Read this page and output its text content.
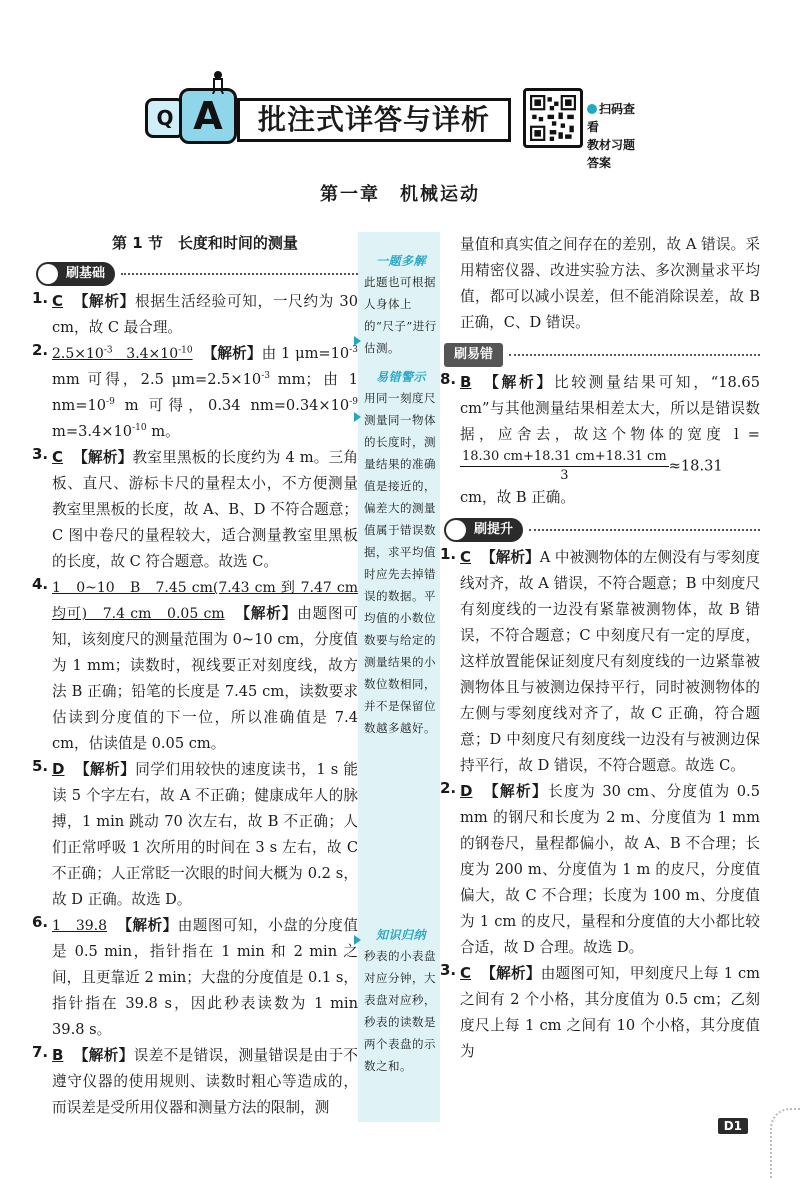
Q A	批注式详答与详析	扫码查看
教材习题答案
第一章　机械运动
一题多解
此题也可根据人身体上的“尺子”进行估测。
易错警示
用同一刻度尺测量同一物体的长度时，测量结果的准确值是接近的，偏差大的测量值属于错误数据，求平均值时应先去掉错误的数据。平均值的小数位数要与给定的测量结果的小数位数相同，并不是保留位数越多越好。
知识归纳
秒表的小表盘对应分钟，大表盘对应秒，秒表的读数是两个表盘的示数之和。
第 1 节　长度和时间的测量
刷基础
1. C 【解析】根据生活经验可知，一尺约为 30 cm，故 C 最合理。
2. $2.5\times 10^{-3}$ $3.4\times 10^{-10}$ 【解析】由 1 $\mu m=10^{-3}$ mm 可得，2.5 $\mu m=2.5\times 10^{-3}$ mm；由 1 $nm=10^{-9}$ m 可得，0.34 $nm=0.34\times 10^{-9}$ $m=3.4\times 10^{-10}$ m。
3. C 【解析】教室里黑板的长度约为 4 m。三角板、直尺、游标卡尺的量程太小，不方便测量教室里黑板的长度，故 A、B、D 不符合题意；C 图中卷尺的量程较大，适合测量教室里黑板的长度，故 C 符合题意。故选 C。
4. 1　0~10　B　7.45 cm(7.43 cm 到 7.47 cm 均可)　7.4 cm　0.05 cm 【解析】由题图可知，该刻度尺的测量范围为 0~10 cm，分度值为 1 mm；读数时，视线要正对刻度线，故方法 B 正确；铅笔的长度是 7.45 cm，读数要求估读到分度值的下一位，所以准确值是 7.4 cm，估读值是 0.05 cm。
5. D 【解析】同学们用较快的速度读书，1 s 能读 5 个字左右，故 A 不正确；健康成年人的脉搏，1 min 跳动 70 次左右，故 B 不正确；人们正常呼吸 1 次所用的时间在 3 s 左右，故 C 不正确；人正常眨一次眼的时间大概为 0.2 s，故 D 正确。故选 D。
6. 1　39.8 【解析】由题图可知，小盘的分度值是 0.5 min，指针指在 1 min 和 2 min 之间，且更靠近 2 min；大盘的分度值是 0.1 s，指针指在 39.8 s，因此秒表读数为 1 min 39.8 s。
7. B 【解析】误差不是错误，测量错误是由于不遵守仪器的使用规则、读数时粗心等造成的，而误差是受所用仪器和测量方法的限制，测
量值和真实值之间存在的差别，故 A 错误。采用精密仪器、改进实验方法、多次测量求平均值，都可以减小误差，但不能消除误差，故 B 正确，C、D 错误。
刷易错
8. B 【解析】比较测量结果可知，“18.65 cm”与其他测量结果相差太大，所以是错误数据，应舍去，故这个物体的宽度 l =
$\frac{18.30 cm+18.31 cm+18.31 cm}{3} \approx 18.31$ cm，故 B 正确。
刷提升
1. C 【解析】A 中被测物体的左侧没有与零刻度线对齐，故 A 错误，不符合题意；B 中刻度尺有刻度线的一边没有紧靠被测物体，故 B 错误，不符合题意；C 中刻度尺有一定的厚度，这样放置能保证刻度尺有刻度线的一边紧靠被测物体且与被测边保持平行，同时被测物体的左侧与零刻度线对齐了，故 C 正确，符合题意；D 中刻度尺有刻度线一边没有与被测边保持平行，故 D 错误，不符合题意。故选 C。
2. D 【解析】长度为 30 cm、分度值为 0.5 mm 的钢尺和长度为 2 m、分度值为 1 mm 的钢卷尺，量程都偏小，故 A、B 不合理；长度为 200 m、分度值为 1 m 的皮尺，分度值偏大，故 C 不合理；长度为 100 m、分度值为 1 cm 的皮尺，量程和分度值的大小都比较合适，故 D 合理。故选 D。
3. C 【解析】由题图可知，甲刻度尺上每 1 cm 之间有 2 个小格，其分度值为 0.5 cm；乙刻度尺上每 1 cm 之间有 10 个小格，其分度值为
D1
